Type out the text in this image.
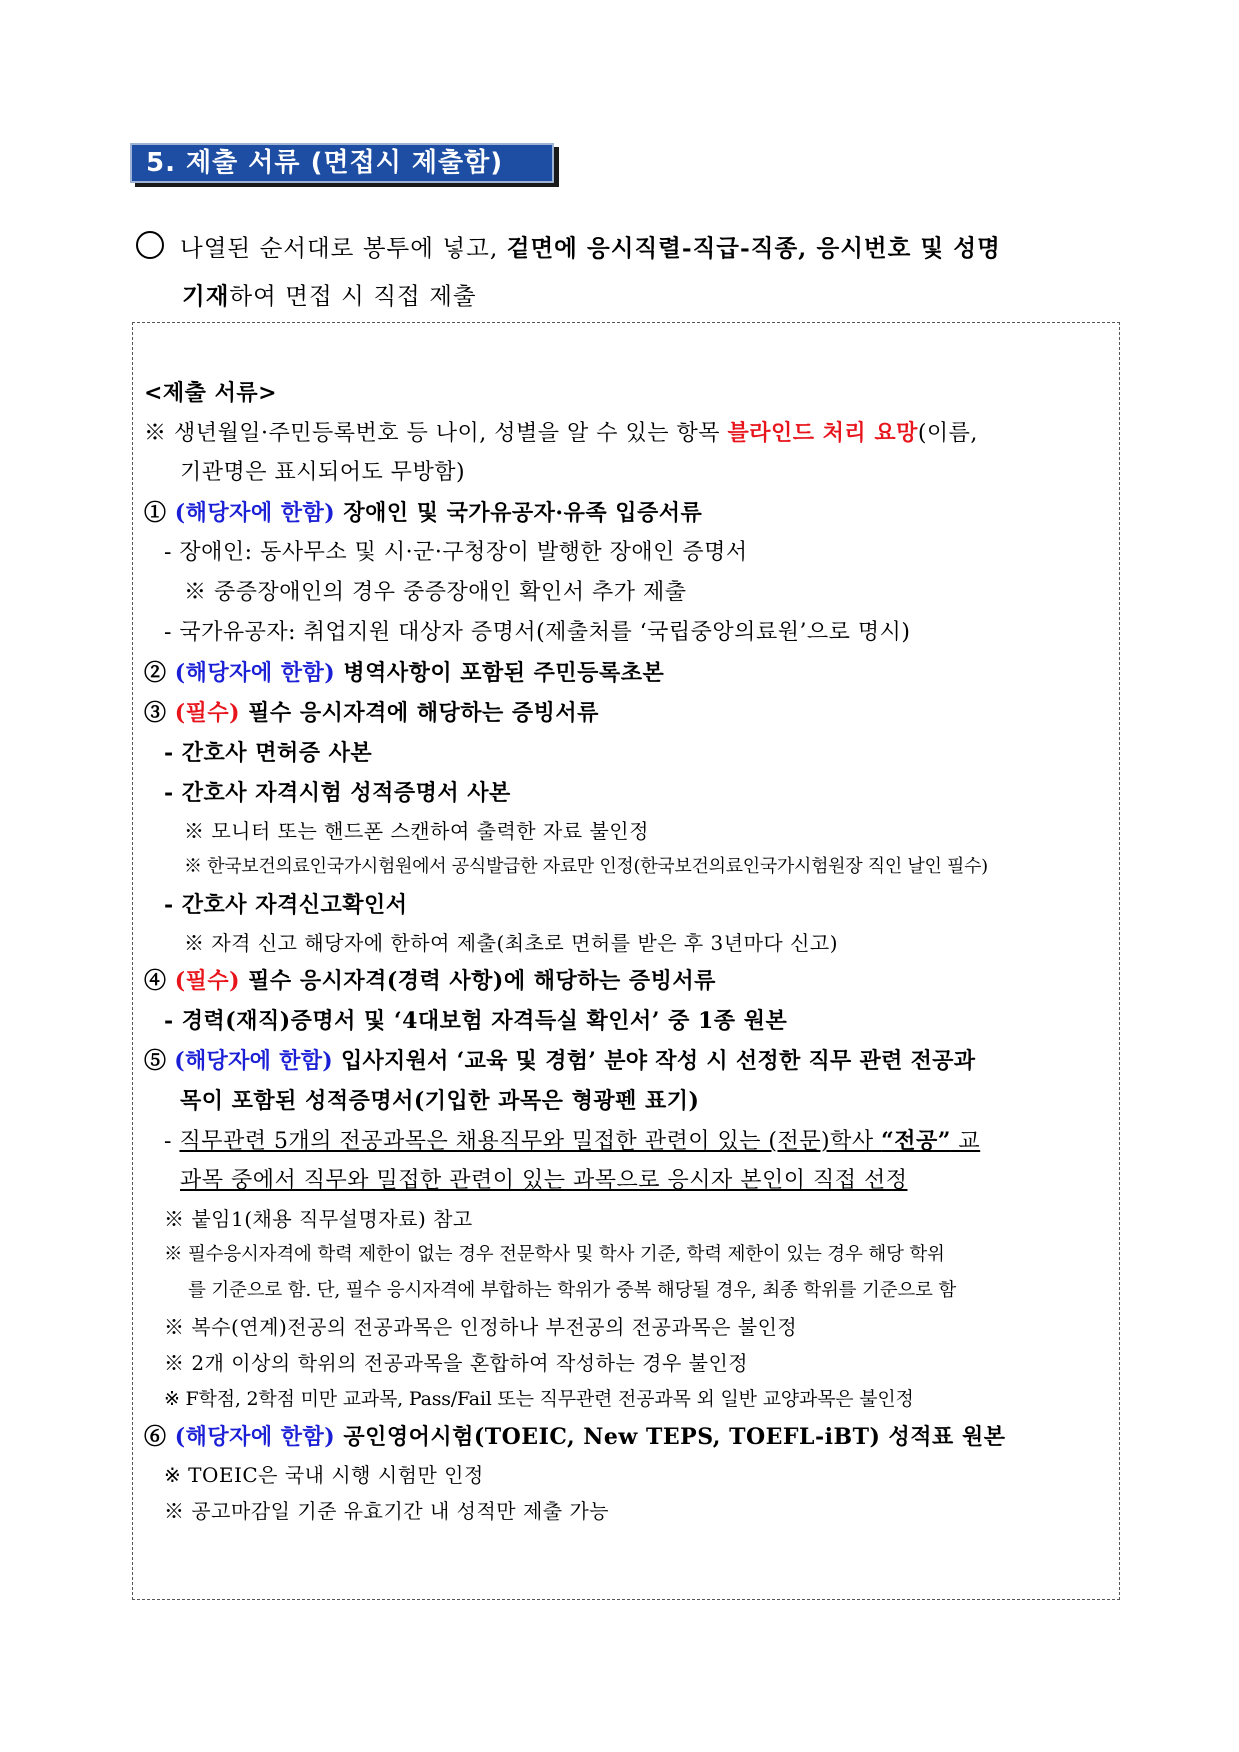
5. 제출 서류 (면접시 제출함)
나열된 순서대로 봉투에 넣고, 겉면에 응시직렬-직급-직종, 응시번호 및 성명
기재하여 면접 시 직접 제출
<제출 서류>
※ 생년월일·주민등록번호 등 나이, 성별을 알 수 있는 항목 블라인드 처리 요망(이름,
기관명은 표시되어도 무방함)
① (해당자에 한함) 장애인 및 국가유공자·유족 입증서류
- 장애인: 동사무소 및 시·군·구청장이 발행한 장애인 증명서
※ 중증장애인의 경우 중증장애인 확인서 추가 제출
- 국가유공자: 취업지원 대상자 증명서(제출처를 ‘국립중앙의료원’으로 명시)
② (해당자에 한함) 병역사항이 포함된 주민등록초본
③ (필수) 필수 응시자격에 해당하는 증빙서류
- 간호사 면허증 사본
- 간호사 자격시험 성적증명서 사본
※ 모니터 또는 핸드폰 스캔하여 출력한 자료 불인정
※ 한국보건의료인국가시험원에서 공식발급한 자료만 인정(한국보건의료인국가시험원장 직인 날인 필수)
- 간호사 자격신고확인서
※ 자격 신고 해당자에 한하여 제출(최초로 면허를 받은 후 3년마다 신고)
④ (필수) 필수 응시자격(경력 사항)에 해당하는 증빙서류
- 경력(재직)증명서 및 ‘4대보험 자격득실 확인서’ 중 1종 원본
⑤ (해당자에 한함) 입사지원서 ‘교육 및 경험’ 분야 작성 시 선정한 직무 관련 전공과
목이 포함된 성적증명서(기입한 과목은 형광펜 표기)
- 직무관련 5개의 전공과목은 채용직무와 밀접한 관련이 있는 (전문)학사 “전공” 교
과목 중에서 직무와 밀접한 관련이 있는 과목으로 응시자 본인이 직접 선정
※ 붙임1(채용 직무설명자료) 참고
※ 필수응시자격에 학력 제한이 없는 경우 전문학사 및 학사 기준, 학력 제한이 있는 경우 해당 학위
를 기준으로 함. 단, 필수 응시자격에 부합하는 학위가 중복 해당될 경우, 최종 학위를 기준으로 함
※ 복수(연계)전공의 전공과목은 인정하나 부전공의 전공과목은 불인정
※ 2개 이상의 학위의 전공과목을 혼합하여 작성하는 경우 불인정
※ F학점, 2학점 미만 교과목, Pass/Fail 또는 직무관련 전공과목 외 일반 교양과목은 불인정
⑥ (해당자에 한함) 공인영어시험(TOEIC, New TEPS, TOEFL-iBT) 성적표 원본
※ TOEIC은 국내 시행 시험만 인정
※ 공고마감일 기준 유효기간 내 성적만 제출 가능
